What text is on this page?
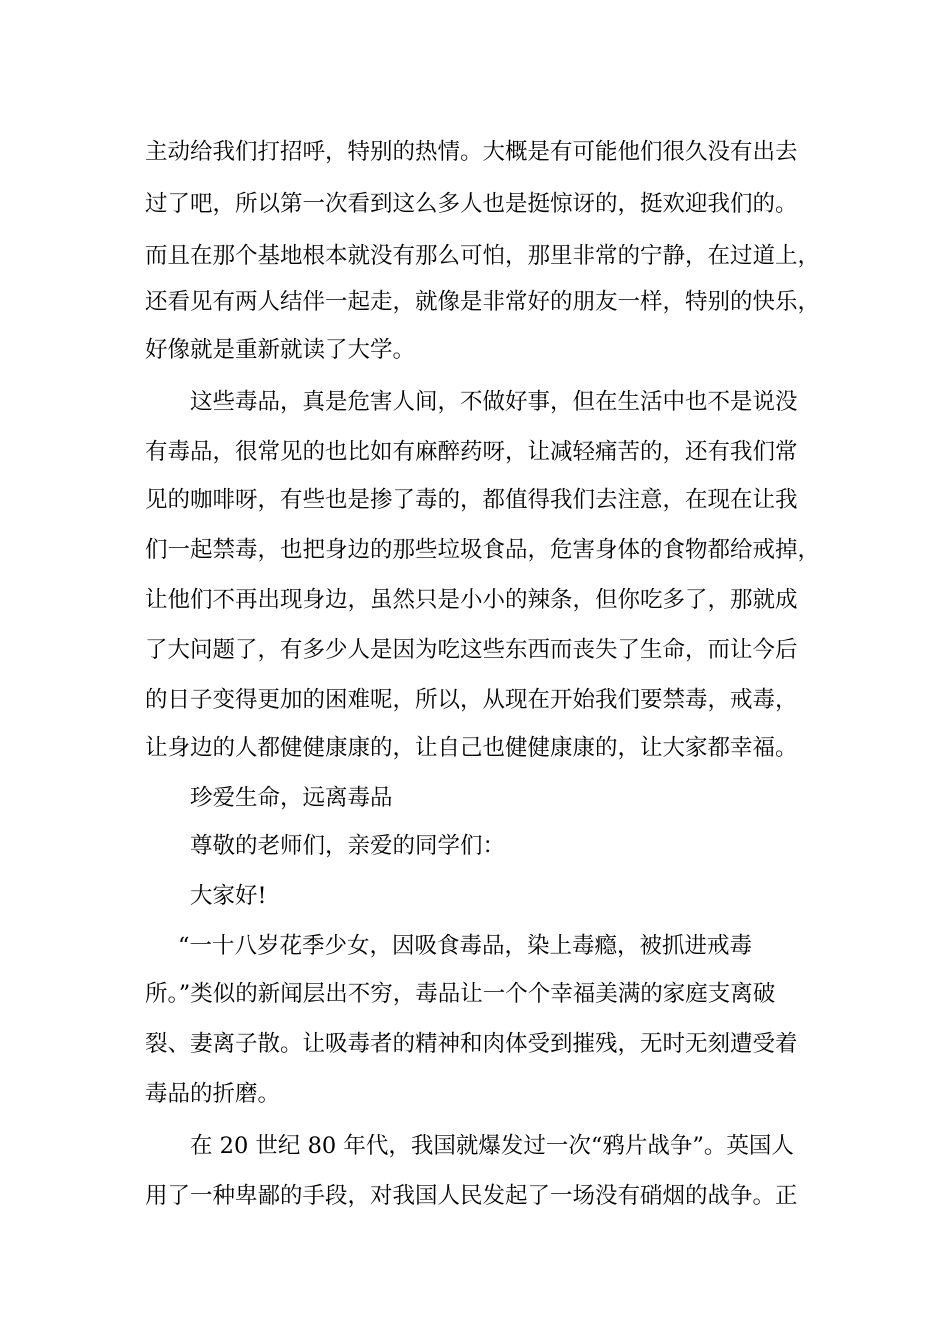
主动给我们打招呼，特别的热情。大概是有可能他们很久没有出去
过了吧，所以第一次看到这么多人也是挺惊讶的，挺欢迎我们的。
而且在那个基地根本就没有那么可怕，那里非常的宁静，在过道上，
还看见有两人结伴一起走，就像是非常好的朋友一样，特别的快乐，
好像就是重新就读了大学。
这些毒品，真是危害人间，不做好事，但在生活中也不是说没
有毒品，很常见的也比如有麻醉药呀，让减轻痛苦的，还有我们常
见的咖啡呀，有些也是掺了毒的，都值得我们去注意，在现在让我
们一起禁毒，也把身边的那些垃圾食品，危害身体的食物都给戒掉，
让他们不再出现身边，虽然只是小小的辣条，但你吃多了，那就成
了大问题了，有多少人是因为吃这些东西而丧失了生命，而让今后
的日子变得更加的困难呢，所以，从现在开始我们要禁毒，戒毒，
让身边的人都健健康康的，让自己也健健康康的，让大家都幸福。
珍爱生命，远离毒品
尊敬的老师们，亲爱的同学们：
大家好!
“一十八岁花季少女，因吸食毒品，染上毒瘾，被抓进戒毒
所。”类似的新闻层出不穷，毒品让一个个幸福美满的家庭支离破
裂、妻离子散。让吸毒者的精神和肉体受到摧残，无时无刻遭受着
毒品的折磨。
在 20 世纪 80 年代，我国就爆发过一次“鸦片战争”。英国人
用了一种卑鄙的手段，对我国人民发起了一场没有硝烟的战争。正
